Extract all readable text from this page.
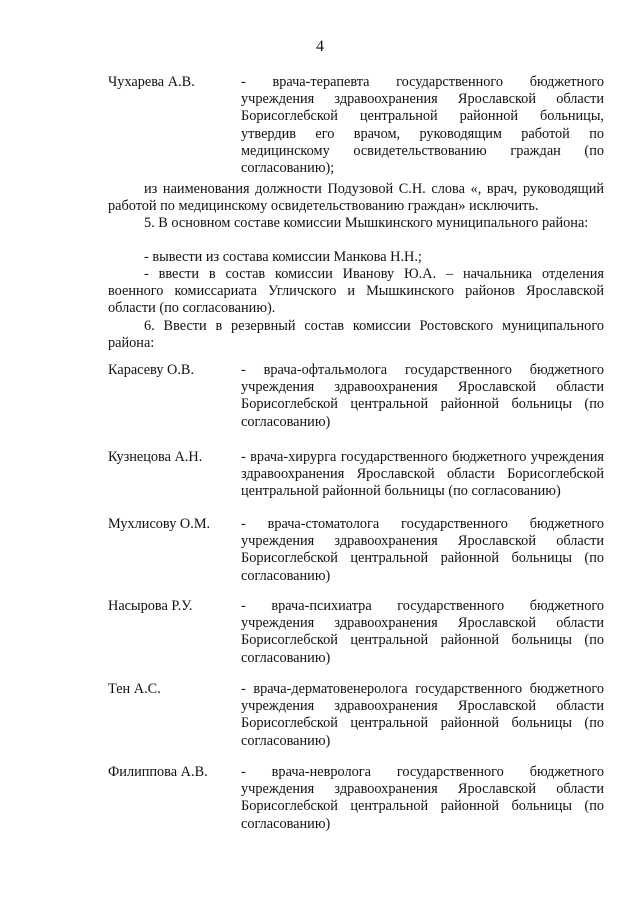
4
Чухарева А.В.	- врача-терапевта государственного бюджетного учреждения здравоохранения Ярославской области Борисоглебской центральной районной больницы, утвердив его врачом, руководящим работой по медицинскому освидетельствованию граждан (по согласованию);
из наименования должности Подузовой С.Н. слова «, врач, руководящий работой по медицинскому освидетельствованию граждан» исключить.
5. В основном составе комиссии Мышкинского муниципального района:
- вывести из состава комиссии Манкова Н.Н.;
- ввести в состав комиссии Иванову Ю.А. – начальника отделения военного комиссариата Угличского и Мышкинского районов Ярославской области (по согласованию).
6. Ввести в резервный состав комиссии Ростовского муниципального района:
Карасеву О.В.	- врача-офтальмолога государственного бюджетного учреждения здравоохранения Ярославской области Борисоглебской центральной районной больницы (по согласованию)
Кузнецова А.Н.	- врача-хирурга государственного бюджетного учреждения здравоохранения Ярославской области Борисоглебской центральной районной больницы (по согласованию)
Мухлисову О.М.	- врача-стоматолога государственного бюджетного учреждения здравоохранения Ярославской области Борисоглебской центральной районной больницы (по согласованию)
Насырова Р.У.	- врача-психиатра государственного бюджетного учреждения здравоохранения Ярославской области Борисоглебской центральной районной больницы (по согласованию)
Тен А.С.	- врача-дерматовенеролога государственного бюджетного учреждения здравоохранения Ярославской области Борисоглебской центральной районной больницы (по согласованию)
Филиппова А.В.	- врача-невролога государственного бюджетного учреждения здравоохранения Ярославской области Борисоглебской центральной районной больницы (по согласованию)
